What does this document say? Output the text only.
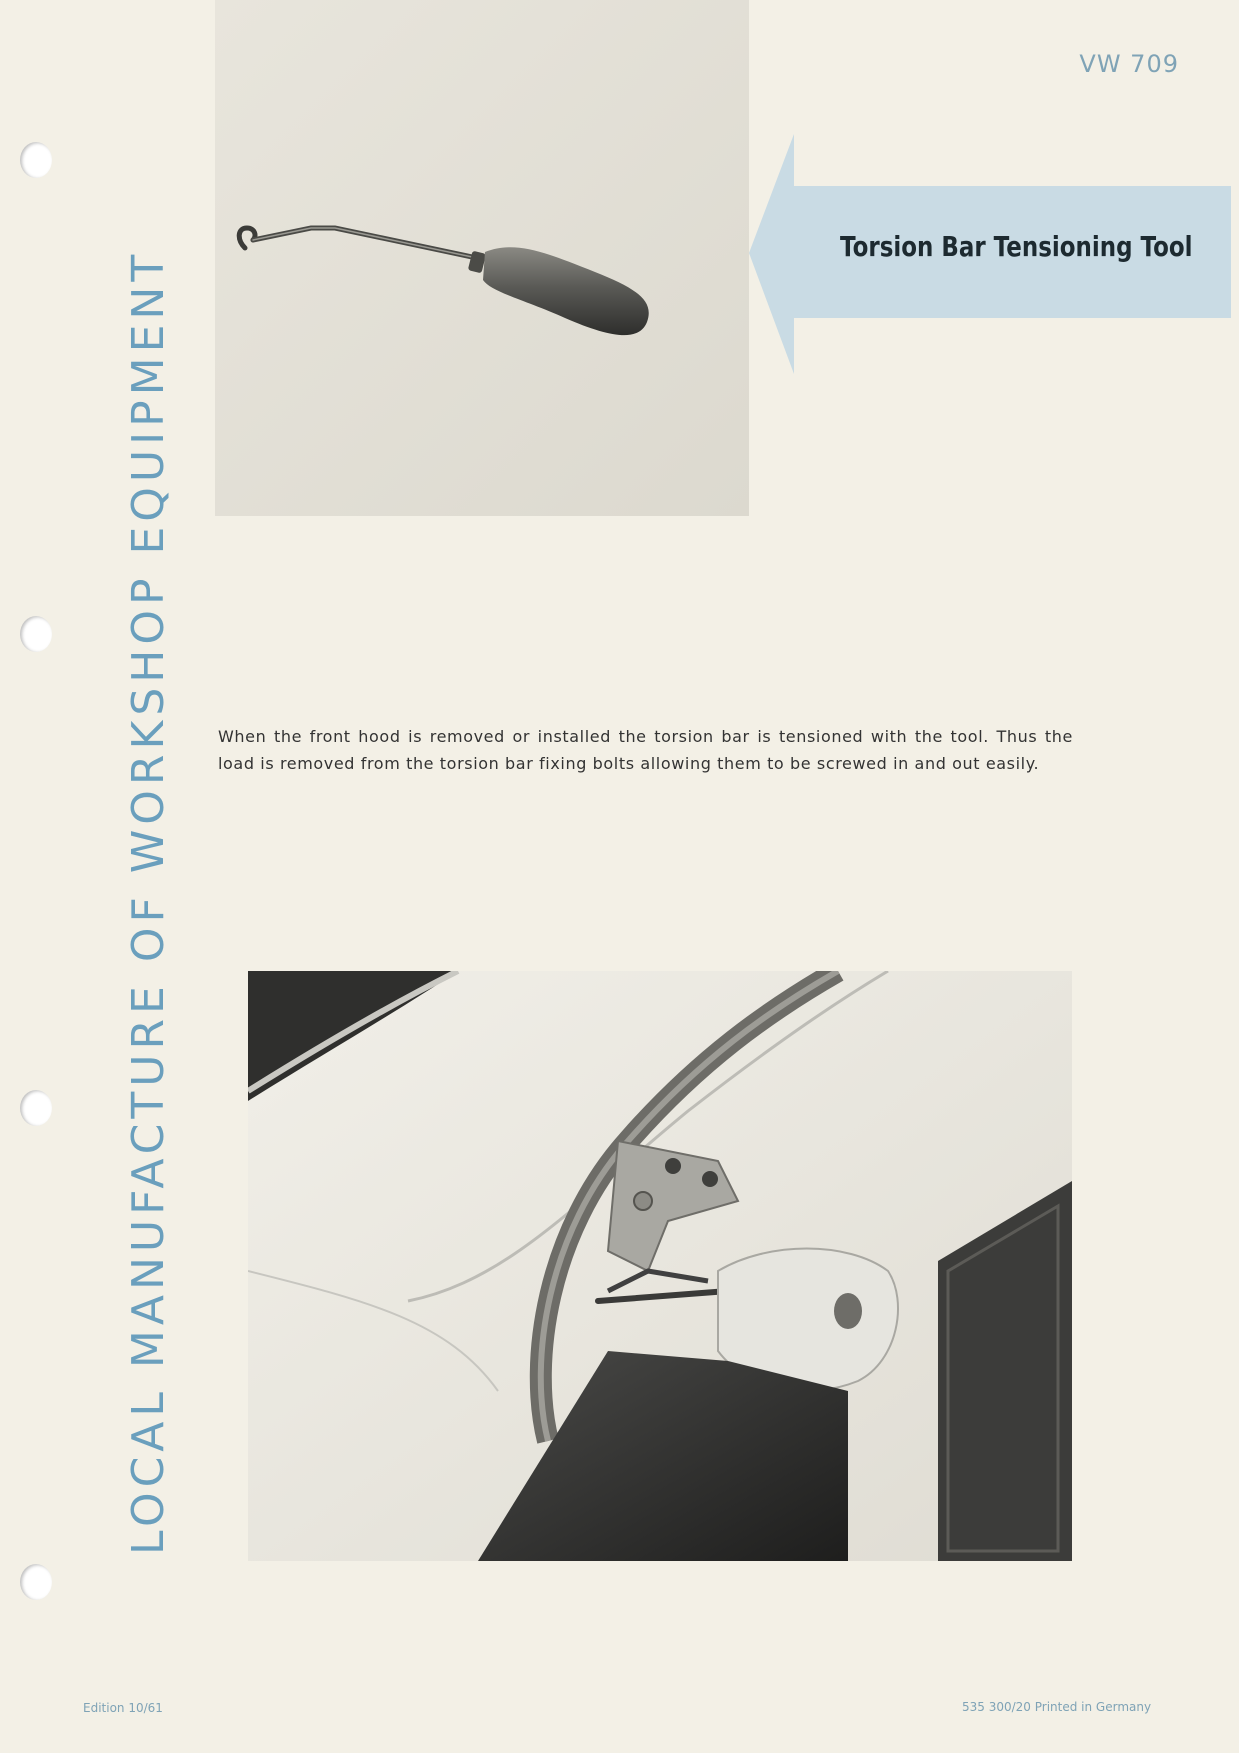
VW 709
LOCAL MANUFACTURE OF WORKSHOP EQUIPMENT
Torsion Bar Tensioning Tool

When the front hood is removed or installed the torsion bar is tensioned with the tool. Thus the load is removed from the torsion bar fixing bolts allowing them to be screwed in and out easily.

Edition 10/61	535 300/20 Printed in Germany
